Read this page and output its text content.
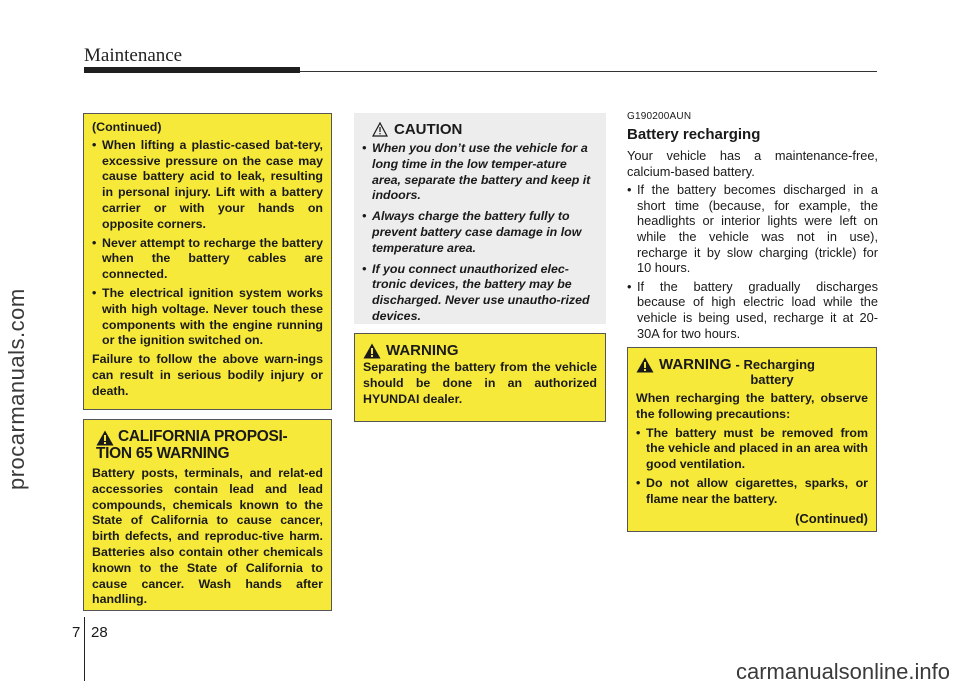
Maintenance
procarmanuals.com

(Continued)

• When lifting a plastic-cased bat-tery, excessive pressure on the case may cause battery acid to leak, resulting in personal injury. Lift with a battery carrier or with your hands on opposite corners.
• Never attempt to recharge the battery when the battery cables are connected.
• The electrical ignition system works with high voltage. Never touch these components with the engine running or the ignition switched on.

Failure to follow the above warn-ings can result in serious bodily injury or death.

CALIFORNIA PROPOSI-
TION 65 WARNING

Battery posts, terminals, and relat-ed accessories contain lead and lead compounds, chemicals known to the State of California to cause cancer, birth defects, and reproduc-tive harm. Batteries also contain other chemicals known to the State of California to cause cancer. Wash hands after handling.

CAUTION
• When you don’t use the vehicle for a long time in the low temper-ature area, separate the battery and keep it indoors.
• Always charge the battery fully to prevent battery case damage in low temperature area.
• If you connect unauthorized elec-tronic devices, the battery may be discharged. Never use unautho-rized devices.
WARNING

Separating the battery from the vehicle should be done in an authorized HYUNDAI dealer.

G190200AUN
Battery recharging

Your vehicle has a maintenance-free, calcium-based battery.

• If the battery becomes discharged in a short time (because, for example, the headlights or interior lights were left on while the vehicle was not in use), recharge it by slow charging (trickle) for 10 hours.
• If the battery gradually discharges because of high electric load while the vehicle is being used, recharge it at 20-30A for two hours.
WARNING - Recharging
battery

When recharging the battery, observe the following precautions:

• The battery must be removed from the vehicle and placed in an area with good ventilation.
• Do not allow cigarettes, sparks, or flame near the battery.
(Continued)
7 28
carmanualsonline.info
